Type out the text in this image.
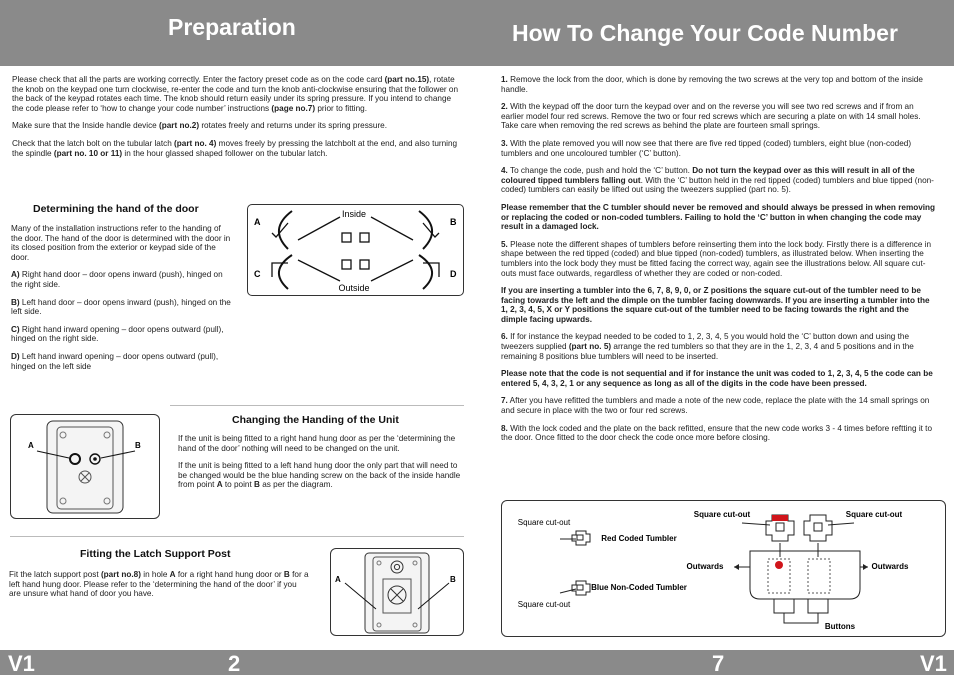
Preparation	How To Change Your Code Number
V1	2	7	V1

Please check that all the parts are working correctly. Enter the factory preset code as on the code card (part no.15), rotate the knob on the keypad one turn clockwise, re-enter the code and turn the knob anti-clockwise ensuring that the follower on the back of the keypad rotates each time. The knob should return easily under its spring pressure. If you intend to change the code please refer to ‘how to change your code number’ instructions (page no.7) prior to fitting.

Make sure that the Inside handle device (part no.2) rotates freely and returns under its spring pressure.

Check that the latch bolt on the tubular latch (part no. 4) moves freely by pressing the latchbolt at the end, and also turning the spindle (part no. 10 or 11) in the hour glassed shaped follower on the tubular latch.

Determining the hand of the door

Many of the installation instructions refer to the handing of the door. The hand of the door is determined with the door in its closed position from the exterior or keypad side of the door.

A) Right hand door – door opens inward (push), hinged on the right side.

B) Left hand door – door opens inward (push), hinged on the left side.

C) Right hand inward opening – door opens outward (pull), hinged on the right side.

D) Left hand inward opening – door opens outward (pull), hinged on the left side

Inside
Outside
A	B
C	D
A	B
Changing the Handing of the Unit

If the unit is being fitted to a right hand hung door as per the ‘determining the hand of the door’ nothing will need to be changed on the unit.

If the unit is being fitted to a left hand hung door the only part that will need to be changed would be the blue handing screw on the back of the inside handle from point A to point B as per the diagram.

Fitting the Latch Support Post

Fit the latch support post (part no.8) in hole A for a right hand hung door or B for a left hand hung door. Please refer to the ‘determining the hand of the door’ if you are unsure what hand of door you have.

A	B

1. Remove the lock from the door, which is done by removing the two screws at the very top and bottom of the inside handle.

2. With the keypad off the door turn the keypad over and on the reverse you will see two red screws and if from an earlier model four red screws. Remove the two or four red screws which are securing a plate on with 14 small holes. Take care when removing the red screws as behind the plate are fourteen small springs.

3. With the plate removed you will now see that there are five red tipped (coded) tumblers, eight blue (non-coded) tumblers and one uncoloured tumbler (‘C’ button).

4. To change the code, push and hold the ‘C’ button. Do not turn the keypad over as this will result in all of the coloured tipped tumblers falling out. With the ‘C’ button held in the red tipped (coded) tumblers and blue tipped (non-coded) tumblers can easily be lifted out using the tweezers supplied (part no. 5).

Please remember that the C tumbler should never be removed and should always be pressed in when removing or replacing the coded or non-coded tumblers. Failing to hold the ‘C’ button in when changing the code may result in a damaged lock.

5. Please note the different shapes of tumblers before reinserting them into the lock body. Firstly there is a difference in shape between the red tipped (coded) and blue tipped (non-coded) tumblers, as illustrated below. When inserting the tumblers into the lock body they must be fitted facing the correct way, again see the illustrations below. All square cut-outs must face outwards, regardless of whether they are coded or non-coded.

If you are inserting a tumbler into the 6, 7, 8, 9, 0, or Z positions the square cut-out of the tumbler need to be facing towards the left and the dimple on the tumbler facing downwards. If you are inserting a tumbler into the 1, 2, 3, 4, 5, X or Y positions the square cut-out of the tumbler need to be facing towards the right and the dimple facing upwards.

6. If for instance the keypad needed to be coded to 1, 2, 3, 4, 5 you would hold the ‘C’ button down and using the tweezers supplied (part no. 5) arrange the red tumblers so that they are in the 1, 2, 3, 4 and 5 positions and in the remaining 8 positions blue tumblers will need to be inserted.

Please note that the code is not sequential and if for instance the unit was coded to 1, 2, 3, 4, 5 the code can be entered 5, 4, 3, 2, 1 or any sequence as long as all of the digits in the code have been pressed.

7. After you have refitted the tumblers and made a note of the new code, replace the plate with the 14 small springs on and secure in place with the two or four red screws.

8. With the lock coded and the plate on the back refitted, ensure that the new code works 3 - 4 times before reftting it to the door. Once fitted to the door check the code once more before closing.

Square cut-out
Red Coded Tumbler
Blue Non-Coded Tumbler
Square cut-out
Square cut-out	Square cut-out
Outwards	Outwards
Buttons
